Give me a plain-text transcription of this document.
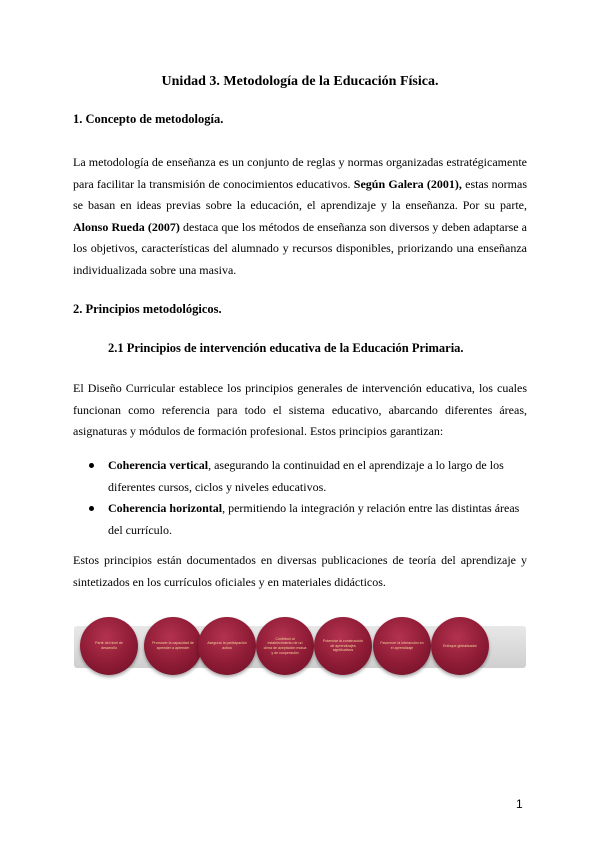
Unidad 3. Metodología de la Educación Física.
1. Concepto de metodología.
La metodología de enseñanza es un conjunto de reglas y normas organizadas estratégicamente para facilitar la transmisión de conocimientos educativos. Según Galera (2001), estas normas se basan en ideas previas sobre la educación, el aprendizaje y la enseñanza. Por su parte, Alonso Rueda (2007) destaca que los métodos de enseñanza son diversos y deben adaptarse a los objetivos, características del alumnado y recursos disponibles, priorizando una enseñanza individualizada sobre una masiva.
2. Principios metodológicos.
2.1 Principios de intervención educativa de la Educación Primaria.
El Diseño Curricular establece los principios generales de intervención educativa, los cuales funcionan como referencia para todo el sistema educativo, abarcando diferentes áreas, asignaturas y módulos de formación profesional. Estos principios garantizan:
Coherencia vertical, asegurando la continuidad en el aprendizaje a lo largo de los diferentes cursos, ciclos y niveles educativos.
Coherencia horizontal, permitiendo la integración y relación entre las distintas áreas del currículo.
Estos principios están documentados en diversas publicaciones de teoría del aprendizaje y sintetizados en los currículos oficiales y en materiales didácticos.
Partir del nivel de desarrollo
Promover la capacidad de aprender a aprender
Asegurar la participación activa
Contribuir al establecimiento de un clima de aceptación mutua y de cooperación
Potenciar la construcción de aprendizajes significativos
Favorecer la interacción en el aprendizaje
Enfoque globalizador
1
